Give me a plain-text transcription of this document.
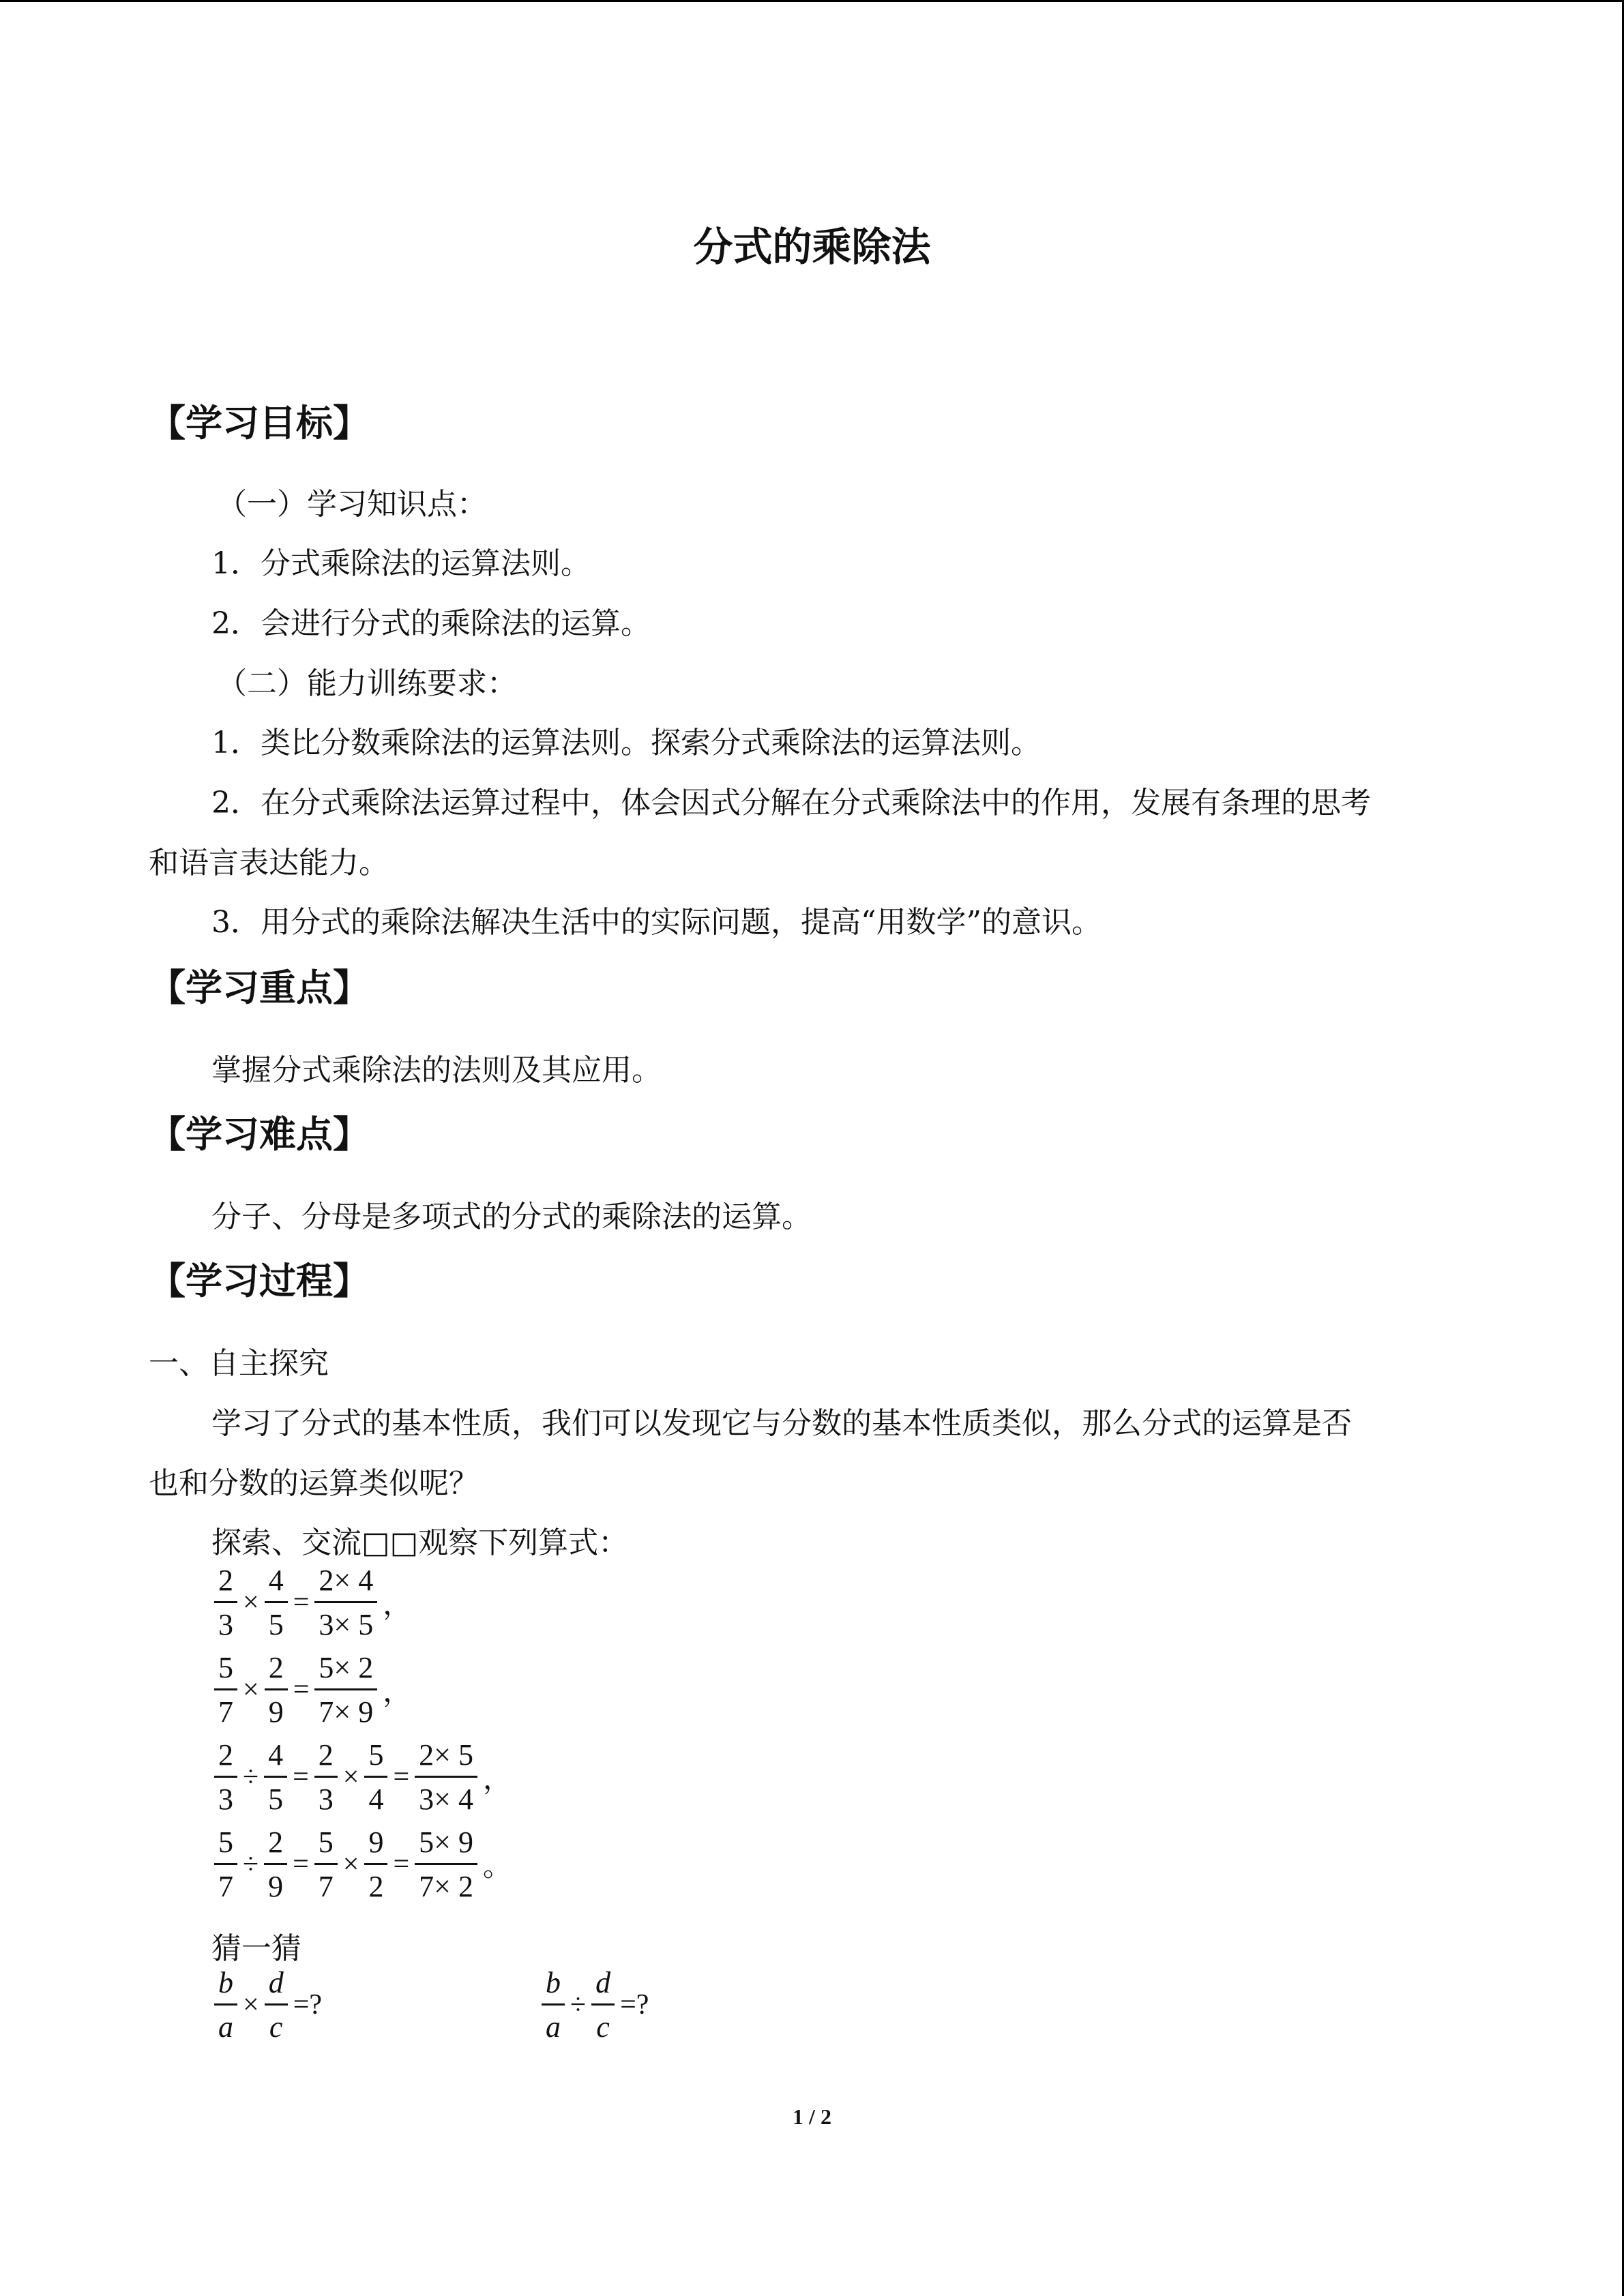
分式的乘除法
【学习目标】
（一）学习知识点：
1．分式乘除法的运算法则。
2．会进行分式的乘除法的运算。
（二）能力训练要求：
1．类比分数乘除法的运算法则。探索分式乘除法的运算法则。
2．在分式乘除法运算过程中，体会因式分解在分式乘除法中的作用，发展有条理的思考
和语言表达能力。
3．用分式的乘除法解决生活中的实际问题，提高“用数学”的意识。
【学习重点】
掌握分式乘除法的法则及其应用。
【学习难点】
分子、分母是多项式的分式的乘除法的运算。
【学习过程】
一、自主探究
学习了分式的基本性质，我们可以发现它与分数的基本性质类似，那么分式的运算是否
也和分数的运算类似呢？
探索、交流□□观察下列算式：
$\frac{2}{3} \times \frac{4}{5} = \frac{2\times 4}{3\times 5}$ ，
$\frac{5}{7} \times \frac{2}{9} = \frac{5\times 2}{7\times 9}$ ，
$\frac{2}{3} \div \frac{4}{5} = \frac{2}{3} \times \frac{5}{4} = \frac{2\times 5}{3\times 4}$ ，
$\frac{5}{7} \div \frac{2}{9} = \frac{5}{7} \times \frac{9}{2} = \frac{5\times 9}{7\times 2}$ 。
猜一猜
$\frac{b}{a} \times \frac{d}{c}$ =?	$\frac{b}{a} \div \frac{d}{c}$ =?
1 / 2
